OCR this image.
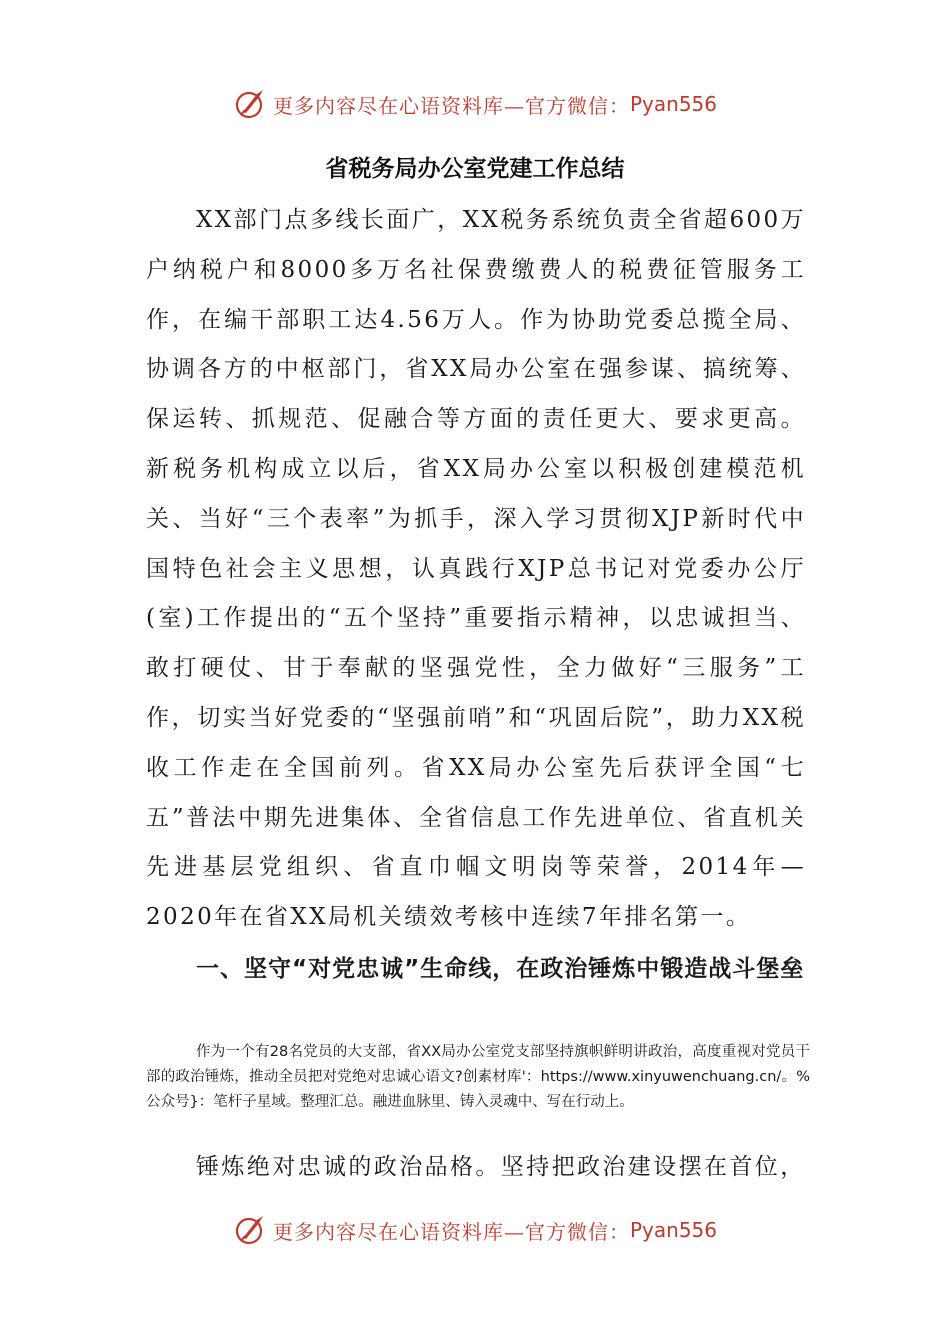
更多内容尽在心语资料库—官方微信： Pyan556
省税务局办公室党建工作总结

XX部门点多线长面广，XX税务系统负责全省超600万户纳税户和8000多万名社保费缴费人的税费征管服务工作，在编干部职工达4.56万人。作为协助党委总揽全局、协调各方的中枢部门，省XX局办公室在强参谋、搞统筹、保运转、抓规范、促融合等方面的责任更大、要求更高。新税务机构成立以后，省XX局办公室以积极创建模范机关、当好“三个表率”为抓手，深入学习贯彻XJP新时代中国特色社会主义思想，认真践行XJP总书记对党委办公厅(室)工作提出的“五个坚持”重要指示精神，以忠诚担当、敢打硬仗、甘于奉献的坚强党性，全力做好“三服务”工作，切实当好党委的“坚强前哨”和“巩固后院”，助力XX税收工作走在全国前列。省XX局办公室先后获评全国“七五”普法中期先进集体、全省信息工作先进单位、省直机关先进基层党组织、省直巾帼文明岗等荣誉，2014年—2020年在省XX局机关绩效考核中连续7年排名第一。

一、坚守“对党忠诚”生命线，在政治锤炼中锻造战斗堡垒

作为一个有28名党员的大支部，省XX局办公室党支部坚持旗帜鲜明讲政治，高度重视对党员干部的政治锤炼，推动全员把对党绝对忠诚心语文?创素材库'：https://www.xinyuwenchuang.cn/。%公众号}：笔杆子星域。整理汇总。融进血脉里、铸入灵魂中、写在行动上。

锤炼绝对忠诚的政治品格。坚持把政治建设摆在首位，

更多内容尽在心语资料库—官方微信： Pyan556
